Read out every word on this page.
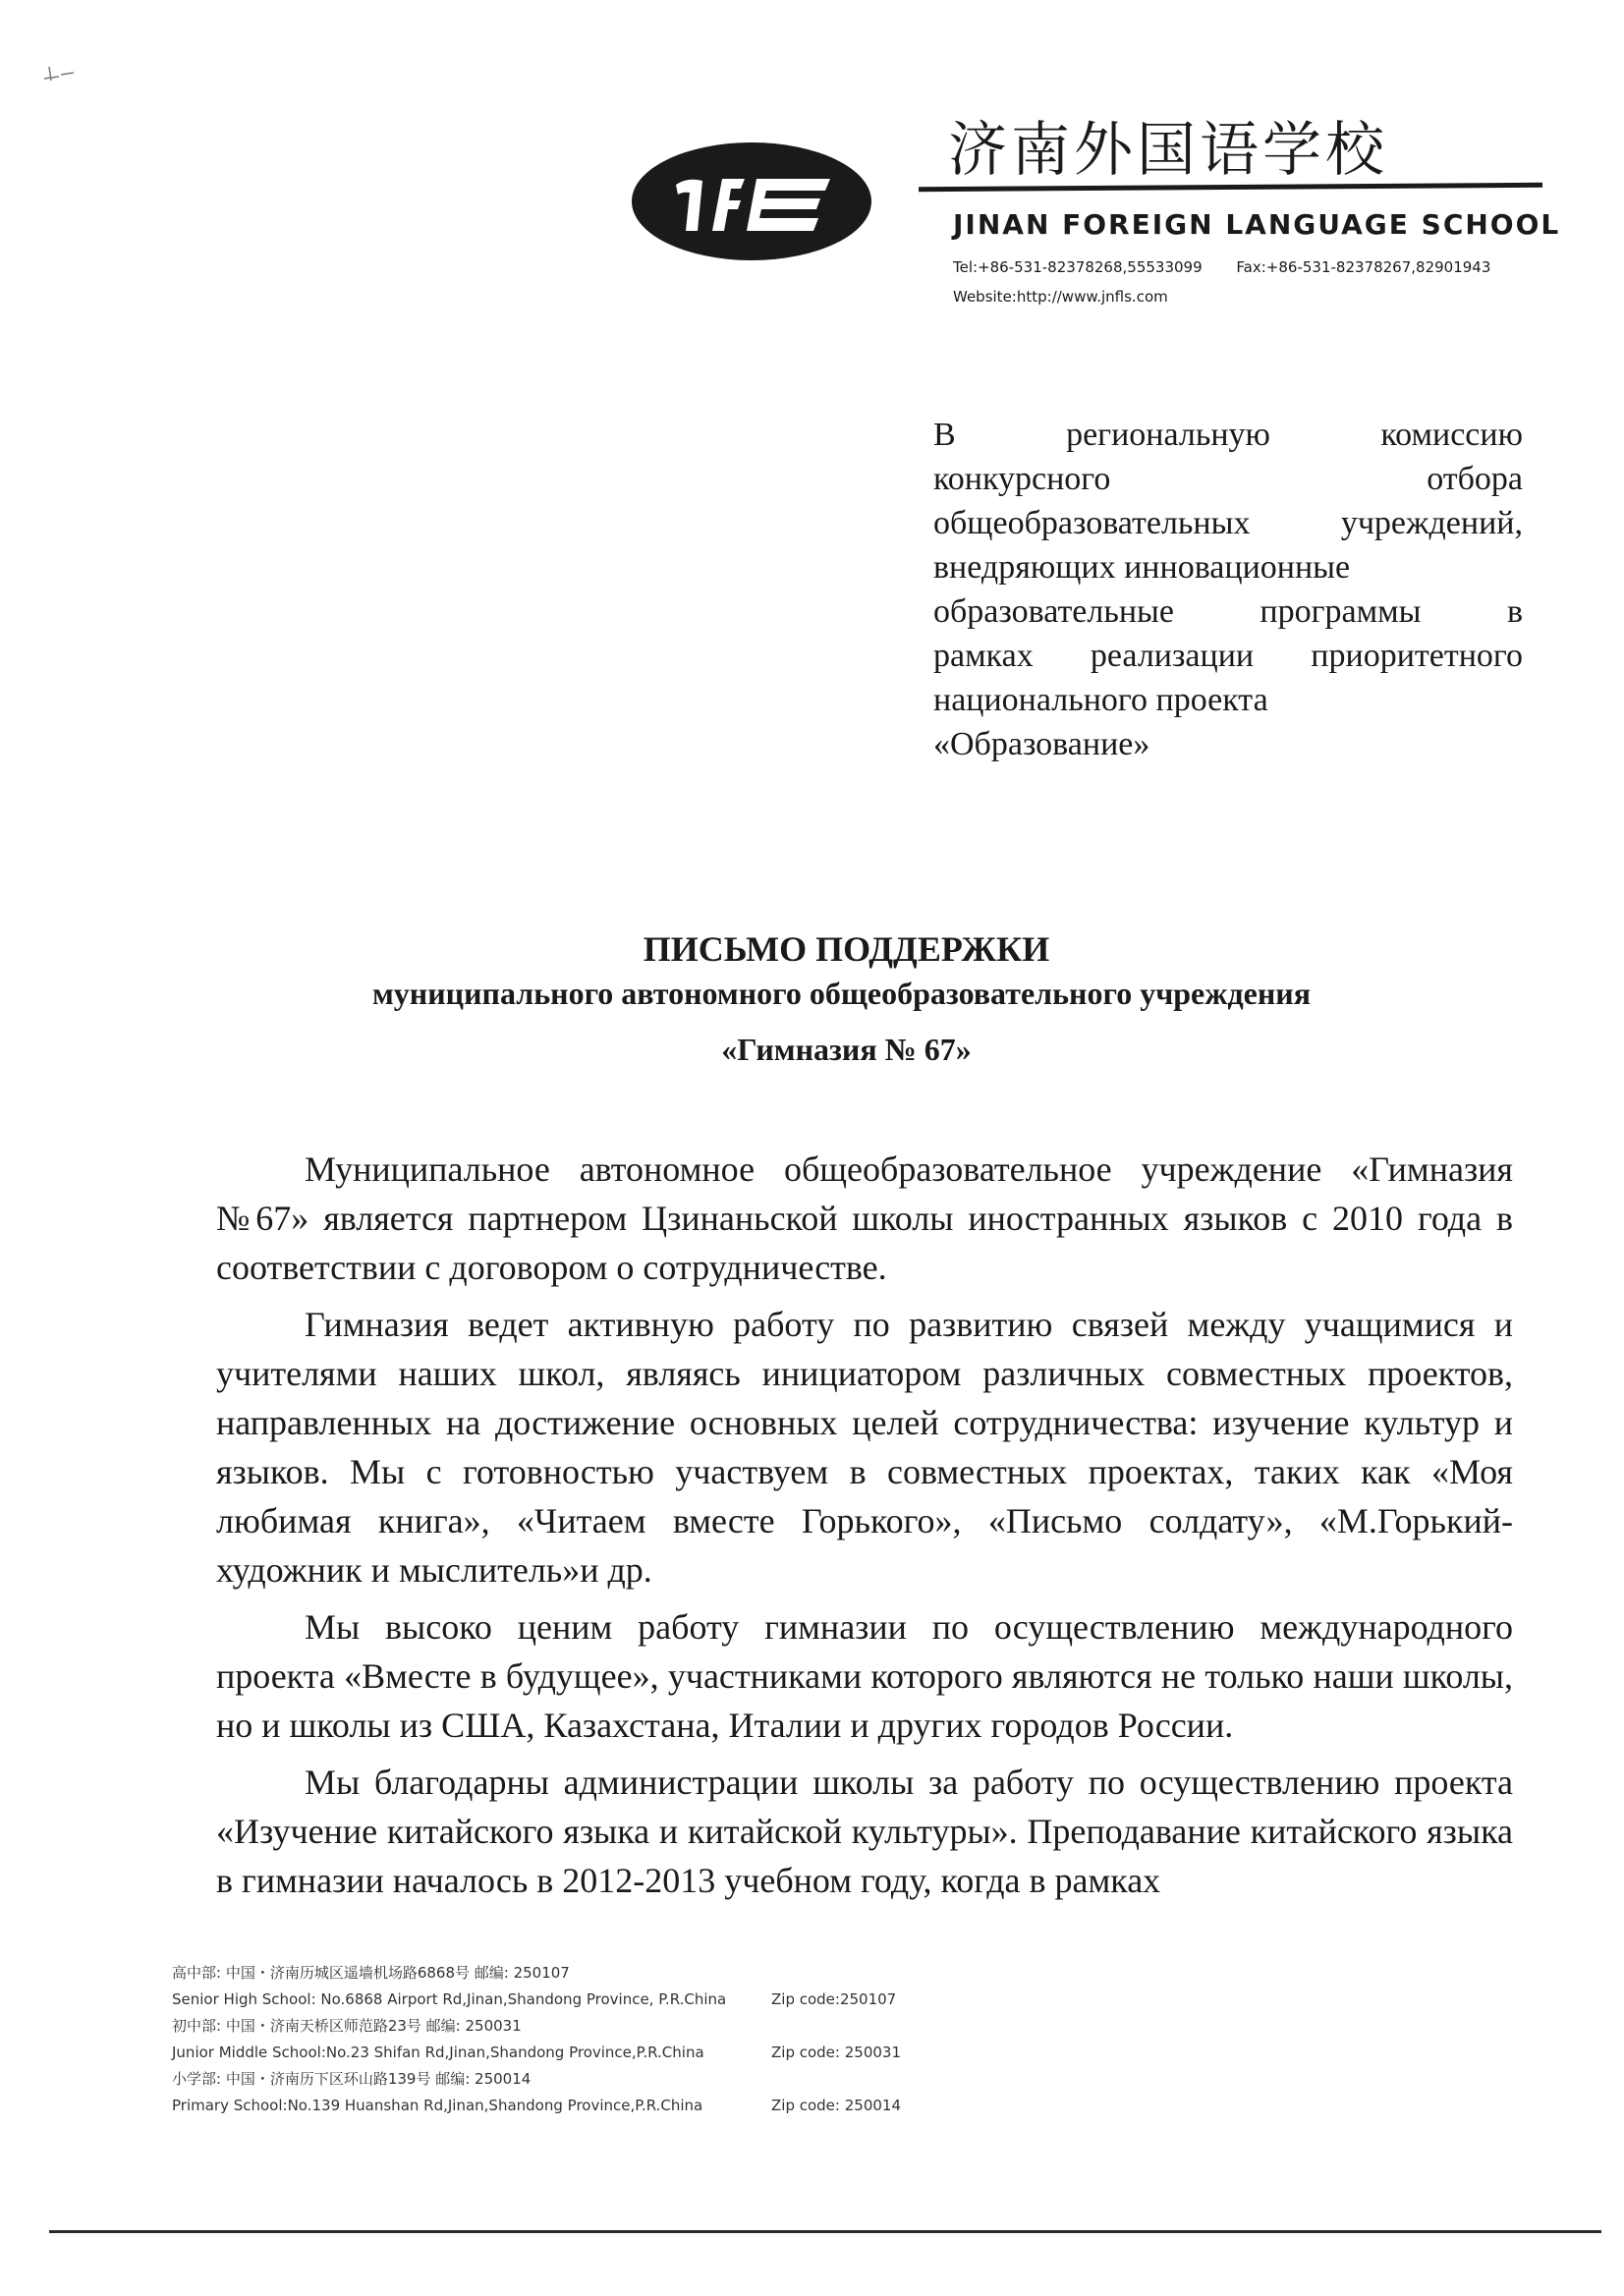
济南外国语学校
JINAN FOREIGN LANGUAGE SCHOOL
Tel:+86-531-82378268,55533099 Fax:+86-531-82378267,82901943
Website:http://www.jnfls.com
В региональную комиссию
конкурсного отбора
общеобразовательных учреждений,
внедряющих инновационные
образовательные программы в
рамках реализации приоритетного
национального проекта
«Образование»
ПИСЬМО ПОДДЕРЖКИ
муниципального автономного общеобразовательного учреждения
«Гимназия № 67»

Муниципальное автономное общеобразовательное учреждение «Гимназия №67» является партнером Цзинаньской школы иностранных языков с 2010 года в соответствии с договором о сотрудничестве.

Гимназия ведет активную работу по развитию связей между учащимися и учителями наших школ, являясь инициатором различных совместных проектов, направленных на достижение основных целей сотрудничества: изучение культур и языков. Мы с готовностью участвуем в совместных проектах, таких как «Моя любимая книга», «Читаем вместе Горького», «Письмо солдату», «М.Горький-художник и мыслитель»и др.

Мы высоко ценим работу гимназии по осуществлению международного проекта «Вместе в будущее», участниками которого являются не только наши школы, но и школы из США, Казахстана, Италии и других городов России.

Мы благодарны администрации школы за работу по осуществлению проекта «Изучение китайского языка и китайской культуры». Преподавание китайского языка в гимназии началось в 2012-2013 учебном году, когда в рамках

高中部: 中国・济南历城区遥墙机场路6868号 邮编: 250107
Senior High School: No.6868 Airport Rd,Jinan,Shandong Province, P.R.China	Zip code:250107
初中部: 中国・济南天桥区师范路23号 邮编: 250031
Junior Middle School:No.23 Shifan Rd,Jinan,Shandong Province,P.R.China	Zip code: 250031
小学部: 中国・济南历下区环山路139号 邮编: 250014
Primary School:No.139 Huanshan Rd,Jinan,Shandong Province,P.R.China	Zip code: 250014
